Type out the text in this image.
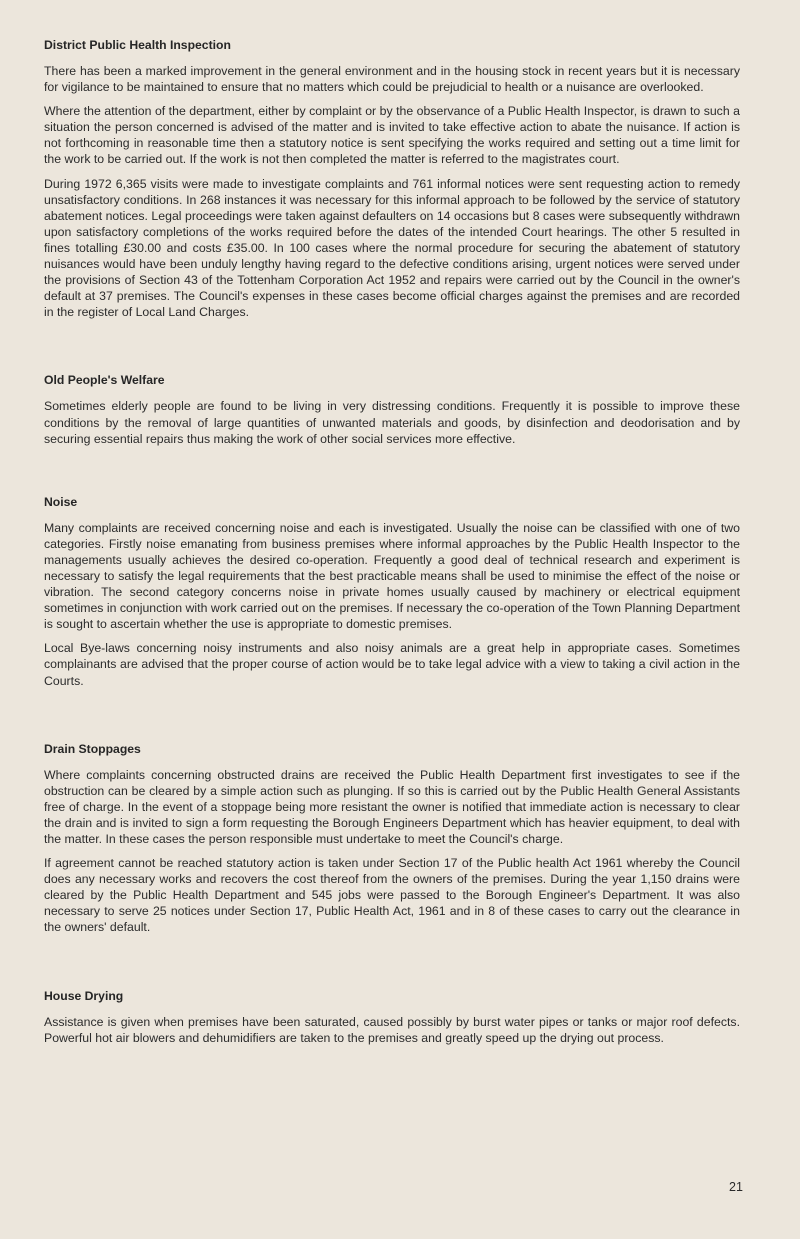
District Public Health Inspection

There has been a marked improvement in the general environment and in the housing stock in recent years but it is necessary for vigilance to be maintained to ensure that no matters which could be prejudicial to health or a nuisance are overlooked.

Where the attention of the department, either by complaint or by the observance of a Public Health Inspector, is drawn to such a situation the person concerned is advised of the matter and is invited to take effective action to abate the nuisance. If action is not forthcoming in reasonable time then a statutory notice is sent specifying the works required and setting out a time limit for the work to be carried out. If the work is not then completed the matter is referred to the magistrates court.

During 1972 6,365 visits were made to investigate complaints and 761 informal notices were sent requesting action to remedy unsatisfactory conditions. In 268 instances it was necessary for this informal approach to be followed by the service of statutory abatement notices. Legal proceedings were taken against defaulters on 14 occasions but 8 cases were subsequently withdrawn upon satisfactory completions of the works required before the dates of the intended Court hearings. The other 5 resulted in fines totalling £30.00 and costs £35.00. In 100 cases where the normal procedure for securing the abatement of statutory nuisances would have been unduly lengthy having regard to the defective conditions arising, urgent notices were served under the provisions of Section 43 of the Tottenham Corporation Act 1952 and repairs were carried out by the Council in the owner's default at 37 premises. The Council's expenses in these cases become official charges against the premises and are recorded in the register of Local Land Charges.

Old People's Welfare

Sometimes elderly people are found to be living in very distressing conditions. Frequently it is possible to improve these conditions by the removal of large quantities of unwanted materials and goods, by disinfection and deodorisation and by securing essential repairs thus making the work of other social services more effective.

Noise

Many complaints are received concerning noise and each is investigated. Usually the noise can be classified with one of two categories. Firstly noise emanating from business premises where informal approaches by the Public Health Inspector to the managements usually achieves the desired co-operation. Frequently a good deal of technical research and experiment is necessary to satisfy the legal requirements that the best practicable means shall be used to minimise the effect of the noise or vibration. The second category concerns noise in private homes usually caused by machinery or electrical equipment sometimes in conjunction with work carried out on the premises. If necessary the co-operation of the Town Planning Department is sought to ascertain whether the use is appropriate to domestic premises.

Local Bye-laws concerning noisy instruments and also noisy animals are a great help in appropriate cases. Sometimes complainants are advised that the proper course of action would be to take legal advice with a view to taking a civil action in the Courts.

Drain Stoppages

Where complaints concerning obstructed drains are received the Public Health Department first investigates to see if the obstruction can be cleared by a simple action such as plunging. If so this is carried out by the Public Health General Assistants free of charge. In the event of a stoppage being more resistant the owner is notified that immediate action is necessary to clear the drain and is invited to sign a form requesting the Borough Engineers Department which has heavier equipment, to deal with the matter. In these cases the person responsible must undertake to meet the Council's charge.

If agreement cannot be reached statutory action is taken under Section 17 of the Public health Act 1961 whereby the Council does any necessary works and recovers the cost thereof from the owners of the premises. During the year 1,150 drains were cleared by the Public Health Department and 545 jobs were passed to the Borough Engineer's Department. It was also necessary to serve 25 notices under Section 17, Public Health Act, 1961 and in 8 of these cases to carry out the clearance in the owners' default.

House Drying

Assistance is given when premises have been saturated, caused possibly by burst water pipes or tanks or major roof defects. Powerful hot air blowers and dehumidifiers are taken to the premises and greatly speed up the drying out process.

21
